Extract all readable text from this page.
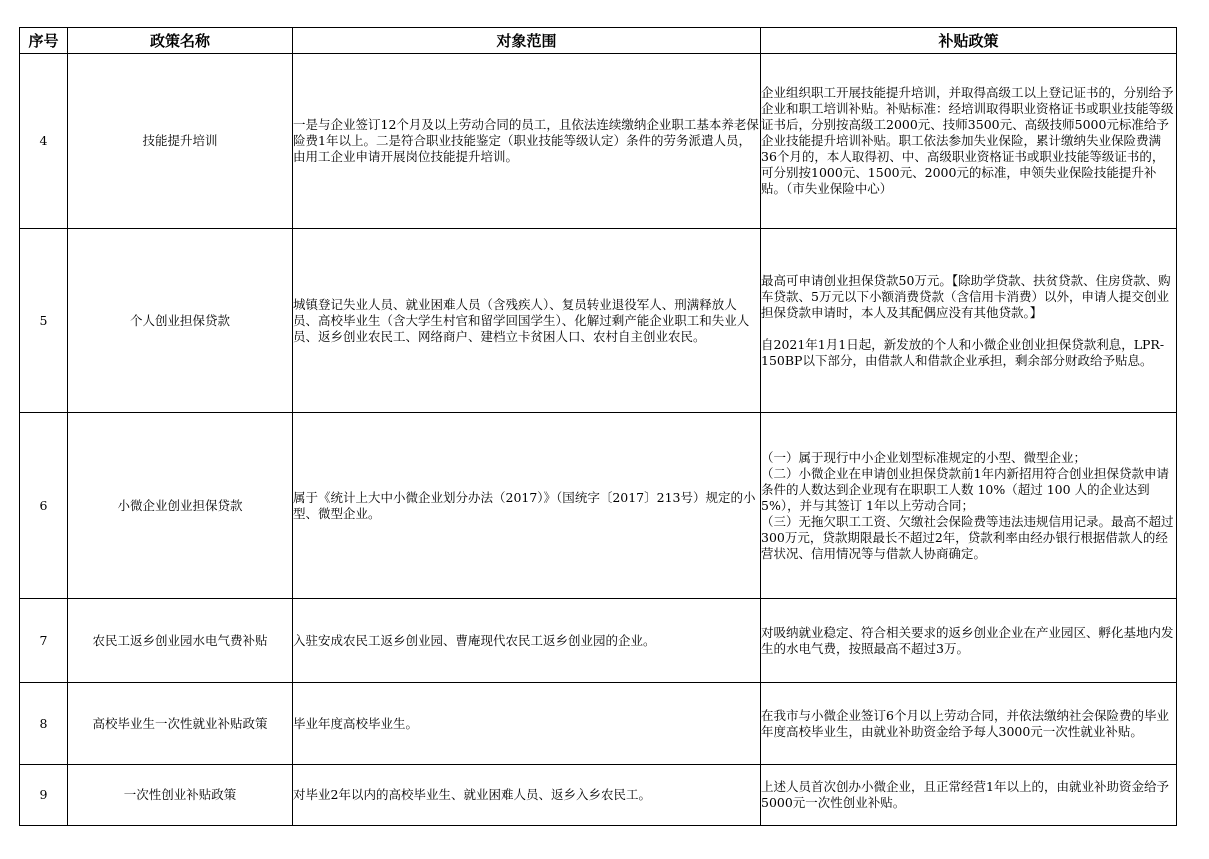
序号	政策名称	对象范围	补贴政策
4	技能提升培训	一是与企业签订12个月及以上劳动合同的员工，且依法连续缴纳企业职工基本养老保险费1年以上。二是符合职业技能鉴定（职业技能等级认定）条件的劳务派遣人员，由用工企业申请开展岗位技能提升培训。	企业组织职工开展技能提升培训，并取得高级工以上登记证书的，分别给予企业和职工培训补贴。补贴标准：经培训取得职业资格证书或职业技能等级证书后，分别按高级工2000元、技师3500元、高级技师5000元标准给予企业技能提升培训补贴。职工依法参加失业保险，累计缴纳失业保险费满36个月的，本人取得初、中、高级职业资格证书或职业技能等级证书的，可分别按1000元、1500元、2000元的标准，申领失业保险技能提升补贴。（市失业保险中心）

5	个人创业担保贷款	城镇登记失业人员、就业困难人员（含残疾人）、复员转业退役军人、刑满释放人员、高校毕业生（含大学生村官和留学回国学生）、化解过剩产能企业职工和失业人员、返乡创业农民工、网络商户、建档立卡贫困人口、农村自主创业农民。	最高可申请创业担保贷款50万元。【除助学贷款、扶贫贷款、住房贷款、购车贷款、5万元以下小额消费贷款（含信用卡消费）以外，申请人提交创业担保贷款申请时，本人及其配偶应没有其他贷款。】

自2021年1月1日起，新发放的个人和小微企业创业担保贷款利息，LPR-150BP以下部分，由借款人和借款企业承担，剩余部分财政给予贴息。

6	小微企业创业担保贷款	属于《统计上大中小微企业划分办法（2017）》（国统字〔2017〕213号）规定的小型、微型企业。	（一）属于现行中小企业划型标准规定的小型、微型企业；

（二）小微企业在申请创业担保贷款前1年内新招用符合创业担保贷款申请条件的人数达到企业现有在职职工人数 10%（超过 100 人的企业达到5%），并与其签订 1年以上劳动合同；

（三）无拖欠职工工资、欠缴社会保险费等违法违规信用记录。最高不超过300万元，贷款期限最长不超过2年，贷款利率由经办银行根据借款人的经营状况、信用情况等与借款人协商确定。

7	农民工返乡创业园水电气费补贴	入驻安成农民工返乡创业园、曹庵现代农民工返乡创业园的企业。	对吸纳就业稳定、符合相关要求的返乡创业企业在产业园区、孵化基地内发生的水电气费，按照最高不超过3万。

8	高校毕业生一次性就业补贴政策	毕业年度高校毕业生。	在我市与小微企业签订6个月以上劳动合同，并依法缴纳社会保险费的毕业年度高校毕业生，由就业补助资金给予每人3000元一次性就业补贴。

9	一次性创业补贴政策	对毕业2年以内的高校毕业生、就业困难人员、返乡入乡农民工。	上述人员首次创办小微企业，且正常经营1年以上的，由就业补助资金给予5000元一次性创业补贴。
